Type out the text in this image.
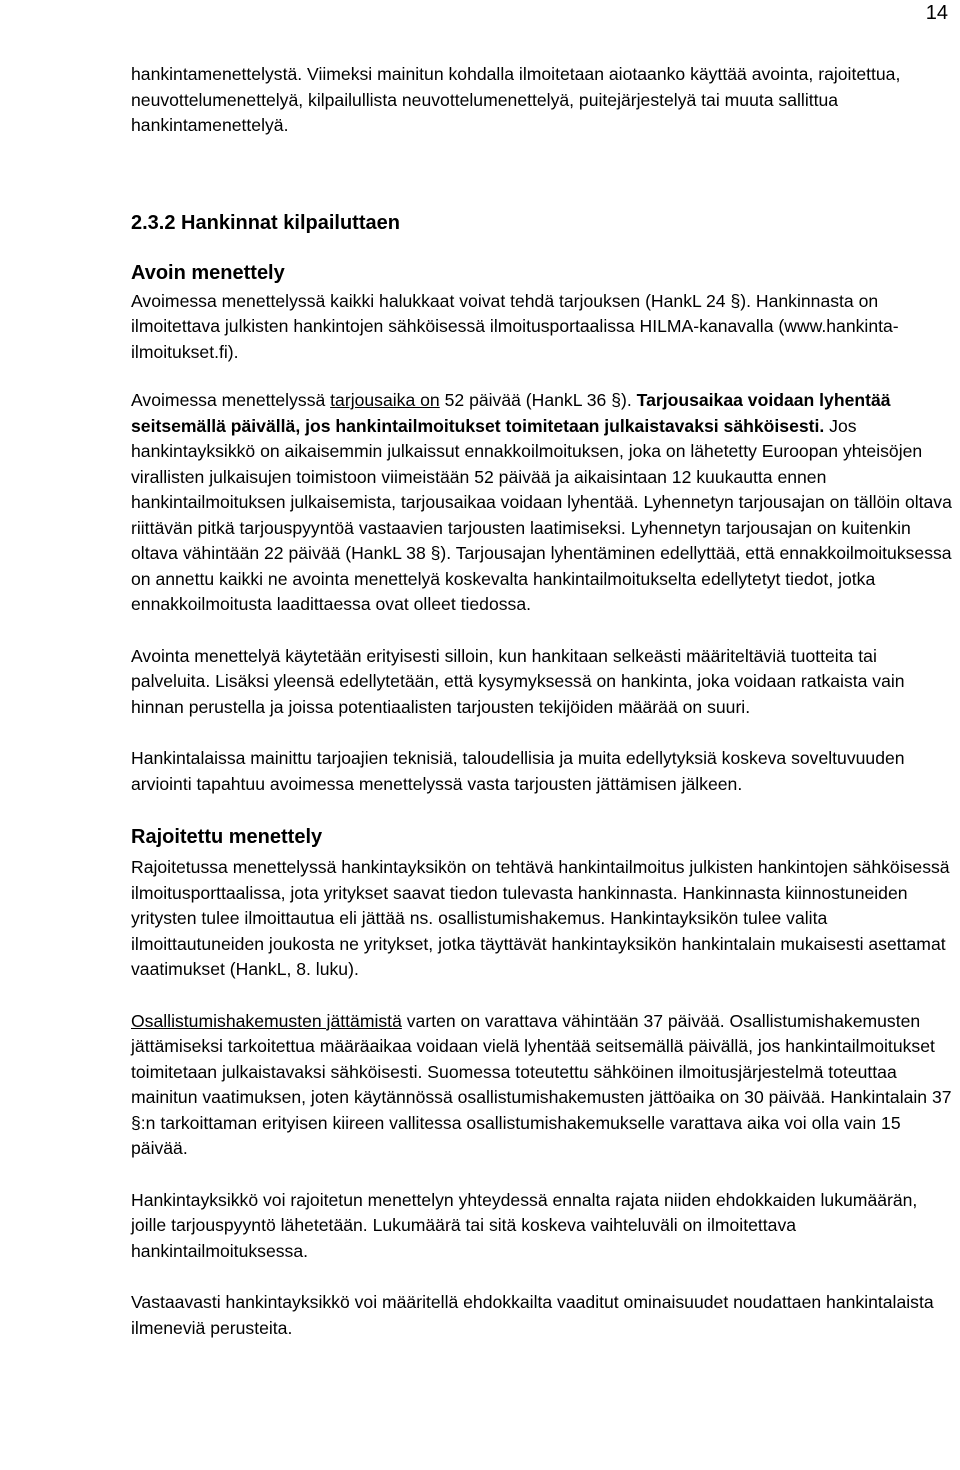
14

hankintamenettelystä. Viimeksi mainitun kohdalla ilmoitetaan aiotaanko käyttää avointa, rajoitettua, neuvottelumenettelyä, kilpailullista neuvottelumenettelyä, puitejärjestelyä tai muuta sallittua hankintamenettelyä.

2.3.2 Hankinnat kilpailuttaen
Avoin menettely

Avoimessa menettelyssä kaikki halukkaat voivat tehdä tarjouksen (HankL 24 §). Hankinnasta on ilmoitettava julkisten hankintojen sähköisessä ilmoitusportaalissa HILMA-kanavalla (www.hankinta-ilmoitukset.fi).

Avoimessa menettelyssä tarjousaika on 52 päivää (HankL 36 §). Tarjousaikaa voidaan lyhentää seitsemällä päivällä, jos hankintailmoitukset toimitetaan julkaistavaksi sähköisesti. Jos hankintayksikkö on aikaisemmin julkaissut ennakkoilmoituksen, joka on lähetetty Euroopan yhteisöjen virallisten julkaisujen toimistoon viimeistään 52 päivää ja aikaisintaan 12 kuukautta ennen hankintailmoituksen julkaisemista, tarjousaikaa voidaan lyhentää. Lyhennetyn tarjousajan on tällöin oltava riittävän pitkä tarjouspyyntöä vastaavien tarjousten laatimiseksi. Lyhennetyn tarjousajan on kuitenkin oltava vähintään 22 päivää (HankL 38 §). Tarjousajan lyhentäminen edellyttää, että ennakkoilmoituksessa on annettu kaikki ne avointa menettelyä koskevalta hankintailmoitukselta edellytetyt tiedot, jotka ennakkoilmoitusta laadittaessa ovat olleet tiedossa.

Avointa menettelyä käytetään erityisesti silloin, kun hankitaan selkeästi määriteltäviä tuotteita tai palveluita. Lisäksi yleensä edellytetään, että kysymyksessä on hankinta, joka voidaan ratkaista vain hinnan perustella ja joissa potentiaalisten tarjousten tekijöiden määrää on suuri.

Hankintalaissa mainittu tarjoajien teknisiä, taloudellisia ja muita edellytyksiä koskeva soveltuvuuden arviointi tapahtuu avoimessa menettelyssä vasta tarjousten jättämisen jälkeen.

Rajoitettu menettely

Rajoitetussa menettelyssä hankintayksikön on tehtävä hankintailmoitus julkisten hankintojen sähköisessä ilmoitusporttaalissa, jota yritykset saavat tiedon tulevasta hankinnasta. Hankinnasta kiinnostuneiden yritysten tulee ilmoittautua eli jättää ns. osallistumishakemus. Hankintayksikön tulee valita ilmoittautuneiden joukosta ne yritykset, jotka täyttävät hankintayksikön hankintalain mukaisesti asettamat vaatimukset (HankL, 8. luku).

Osallistumishakemusten jättämistä varten on varattava vähintään 37 päivää. Osallistumishakemusten jättämiseksi tarkoitettua määräaikaa voidaan vielä lyhentää seitsemällä päivällä, jos hankintailmoitukset toimitetaan julkaistavaksi sähköisesti. Suomessa toteutettu sähköinen ilmoitusjärjestelmä toteuttaa mainitun vaatimuksen, joten käytännössä osallistumishakemusten jättöaika on 30 päivää. Hankintalain 37 §:n tarkoittaman erityisen kiireen vallitessa osallistumishakemukselle varattava aika voi olla vain 15 päivää.

Hankintayksikkö voi rajoitetun menettelyn yhteydessä ennalta rajata niiden ehdokkaiden lukumäärän, joille tarjouspyyntö lähetetään. Lukumäärä tai sitä koskeva vaihteluväli on ilmoitettava hankintailmoituksessa.

Vastaavasti hankintayksikkö voi määritellä ehdokkailta vaaditut ominaisuudet noudattaen hankintalaista ilmeneviä perusteita.
